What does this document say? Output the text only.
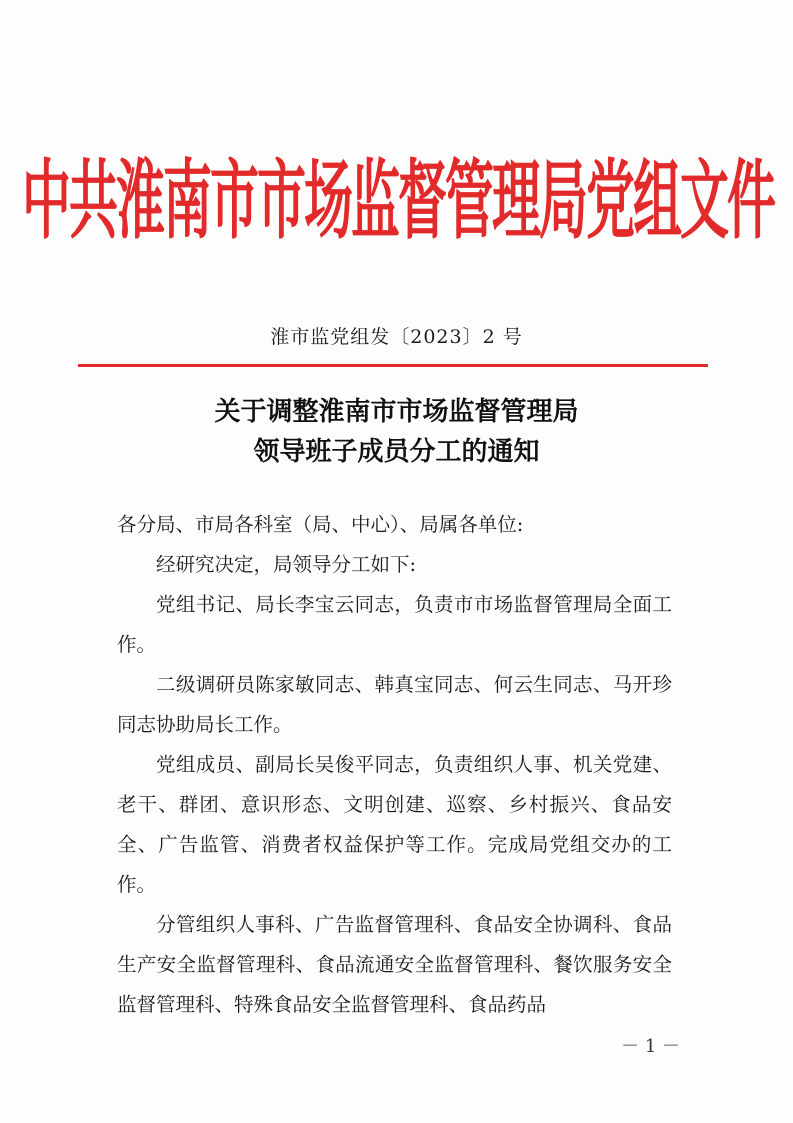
中共淮南市市场监督管理局党组文件
淮市监党组发〔2023〕2 号
关于调整淮南市市场监督管理局
领导班子成员分工的通知

各分局、市局各科室（局、中心）、局属各单位:

经研究决定，局领导分工如下:

党组书记、局长李宝云同志，负责市市场监督管理局全面工作。

二级调研员陈家敏同志、韩真宝同志、何云生同志、马开珍同志协助局长工作。

党组成员、副局长吴俊平同志，负责组织人事、机关党建、老干、群团、意识形态、文明创建、巡察、乡村振兴、食品安全、广告监管、消费者权益保护等工作。完成局党组交办的工作。

分管组织人事科、广告监督管理科、食品安全协调科、食品生产安全监督管理科、食品流通安全监督管理科、餐饮服务安全监督管理科、特殊食品安全监督管理科、食品药品

－ 1 －
